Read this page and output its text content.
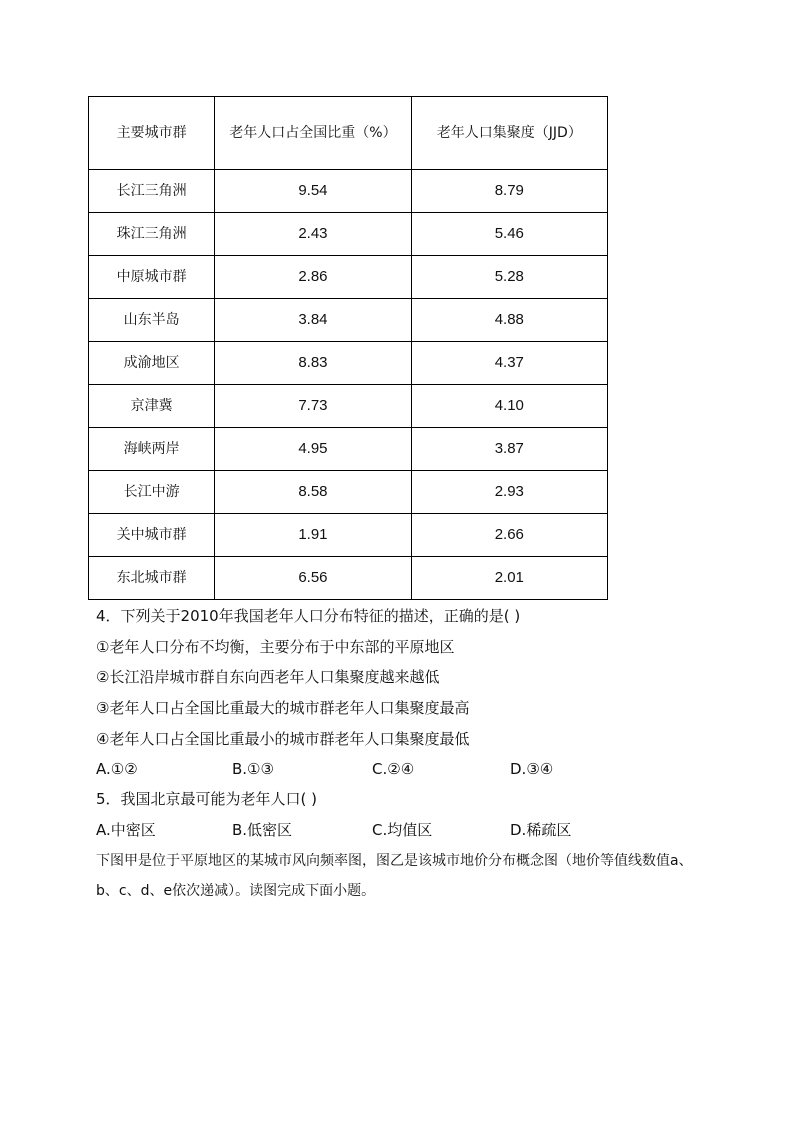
主要城市群	老年人口占全国比重（%）	老年人口集聚度（JJD）
长江三角洲	9.54	8.79
珠江三角洲	2.43	5.46
中原城市群	2.86	5.28
山东半岛	3.84	4.88
成渝地区	8.83	4.37
京津冀	7.73	4.10
海峡两岸	4.95	3.87
长江中游	8.58	2.93
关中城市群	1.91	2.66
东北城市群	6.56	2.01
4．下列关于2010年我国老年人口分布特征的描述，正确的是( )
①老年人口分布不均衡，主要分布于中东部的平原地区
②长江沿岸城市群自东向西老年人口集聚度越来越低
③老年人口占全国比重最大的城市群老年人口集聚度最高
④老年人口占全国比重最小的城市群老年人口集聚度最低
A.①②	B.①③	C.②④	D.③④
5．我国北京最可能为老年人口( )
A.中密区	B.低密区	C.均值区	D.稀疏区
下图甲是位于平原地区的某城市风向频率图，图乙是该城市地价分布概念图（地价等值线数值a、b、c、d、e依次递减）。读图完成下面小题。
